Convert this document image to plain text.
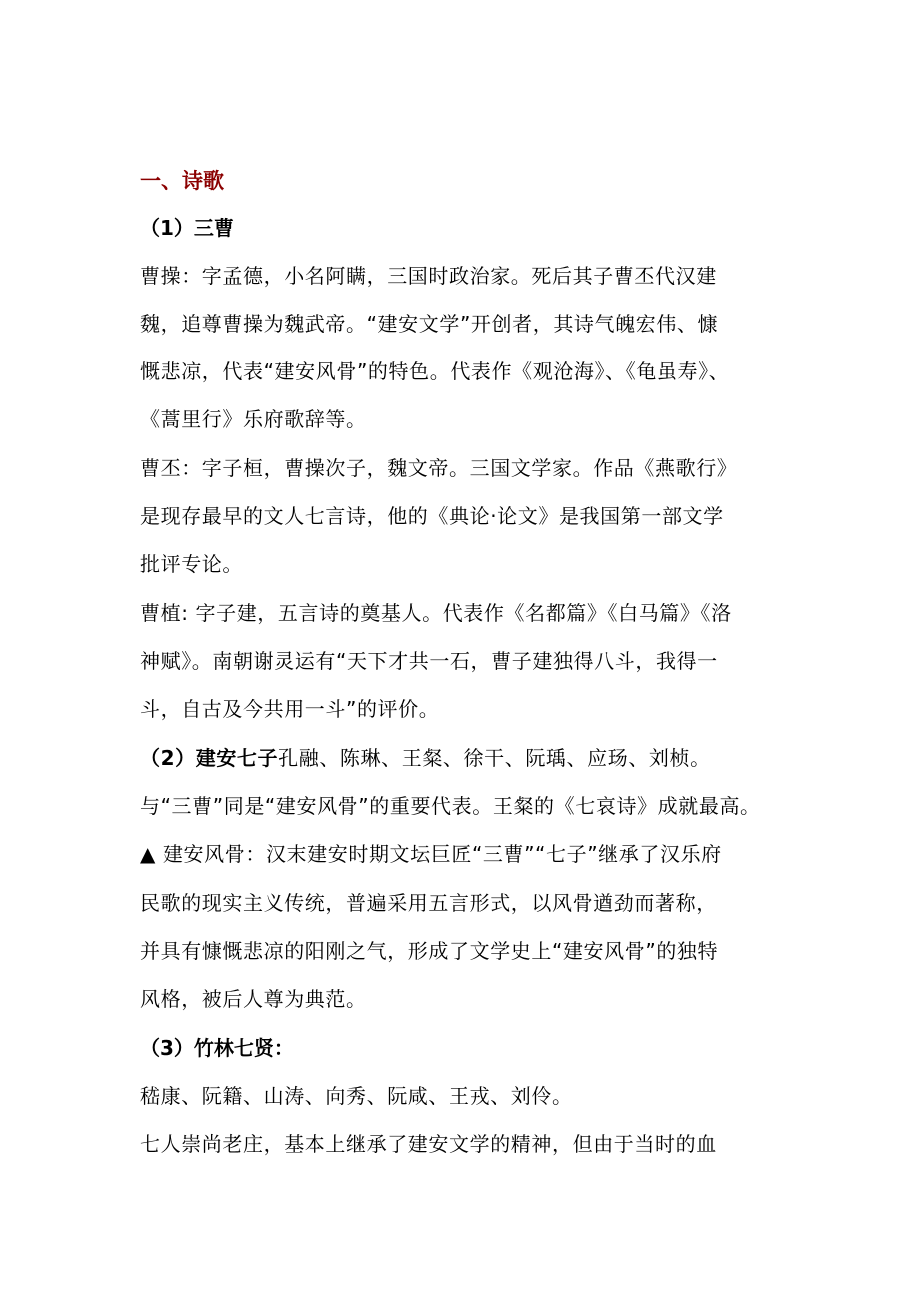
一、诗歌
（1）三曹
曹操：字孟德，小名阿瞒，三国时政治家。死后其子曹丕代汉建
魏，追尊曹操为魏武帝。“建安文学”开创者，其诗气魄宏伟、慷
慨悲凉，代表“建安风骨”的特色。代表作《观沧海》、《龟虽寿》、
《蒿里行》乐府歌辞等。
曹丕：字子桓，曹操次子，魏文帝。三国文学家。作品《燕歌行》
是现存最早的文人七言诗，他的《典论·论文》是我国第一部文学
批评专论。
曹植: 字子建，五言诗的奠基人。代表作《名都篇》《白马篇》《洛
神赋》。南朝谢灵运有“天下才共一石，曹子建独得八斗，我得一
斗，自古及今共用一斗”的评价。
（2）建安七子孔融、陈琳、王粲、徐干、阮瑀、应玚、刘桢。
与“三曹”同是“建安风骨”的重要代表。王粲的《七哀诗》成就最高。
▲ 建安风骨：汉末建安时期文坛巨匠“三曹”“七子”继承了汉乐府
民歌的现实主义传统，普遍采用五言形式，以风骨遒劲而著称，
并具有慷慨悲凉的阳刚之气，形成了文学史上“建安风骨”的独特
风格，被后人尊为典范。
（3）竹林七贤：
嵇康、阮籍、山涛、向秀、阮咸、王戎、刘伶。
七人崇尚老庄，基本上继承了建安文学的精神，但由于当时的血
